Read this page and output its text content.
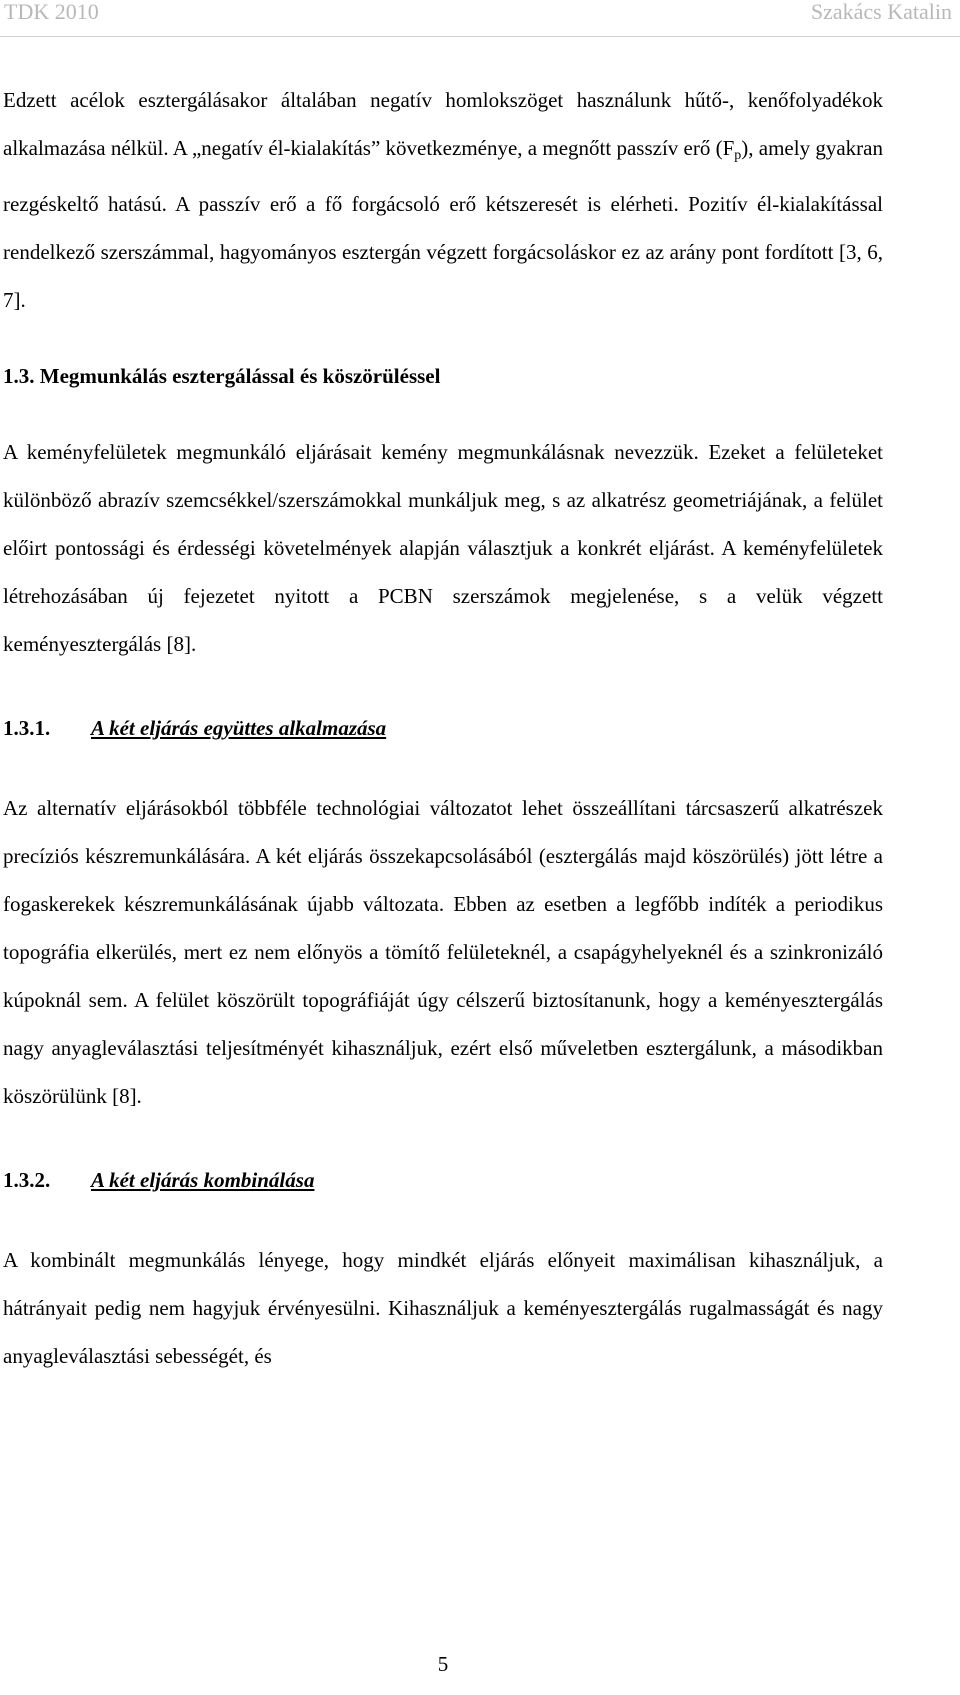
TDK 2010	Szakács Katalin

Edzett acélok esztergálásakor általában negatív homlokszöget használunk hűtő-, kenőfolyadékok alkalmazása nélkül. A „negatív él-kialakítás” következménye, a megnőtt passzív erő $(F_p)$, amely gyakran rezgéskeltő hatású. A passzív erő a fő forgácsoló erő kétszeresét is elérheti. Pozitív él-kialakítással rendelkező szerszámmal, hagyományos esztergán végzett forgácsoláskor ez az arány pont fordított [3, 6, 7].

1.3. Megmunkálás esztergálással és köszörüléssel

A keményfelületek megmunkáló eljárásait kemény megmunkálásnak nevezzük. Ezeket a felületeket különböző abrazív szemcsékkel/szerszámokkal munkáljuk meg, s az alkatrész geometriájának, a felület előirt pontossági és érdességi követelmények alapján választjuk a konkrét eljárást. A keményfelületek létrehozásában új fejezetet nyitott a PCBN szerszámok megjelenése, s a velük végzett keményesztergálás [8].

1.3.1. A két eljárás együttes alkalmazása

Az alternatív eljárásokból többféle technológiai változatot lehet összeállítani tárcsaszerű alkatrészek precíziós készremunkálására. A két eljárás összekapcsolásából (esztergálás majd köszörülés) jött létre a fogaskerekek készremunkálásának újabb változata. Ebben az esetben a legfőbb indíték a periodikus topográfia elkerülés, mert ez nem előnyös a tömítő felületeknél, a csapágyhelyeknél és a szinkronizáló kúpoknál sem. A felület köszörült topográfiáját úgy célszerű biztosítanunk, hogy a keményesztergálás nagy anyagleválasztási teljesítményét kihasználjuk, ezért első műveletben esztergálunk, a másodikban köszörülünk [8].

1.3.2. A két eljárás kombinálása

A kombinált megmunkálás lényege, hogy mindkét eljárás előnyeit maximálisan kihasználjuk, a hátrányait pedig nem hagyjuk érvényesülni. Kihasználjuk a keményesztergálás rugalmasságát és nagy anyagleválasztási sebességét, és

5
